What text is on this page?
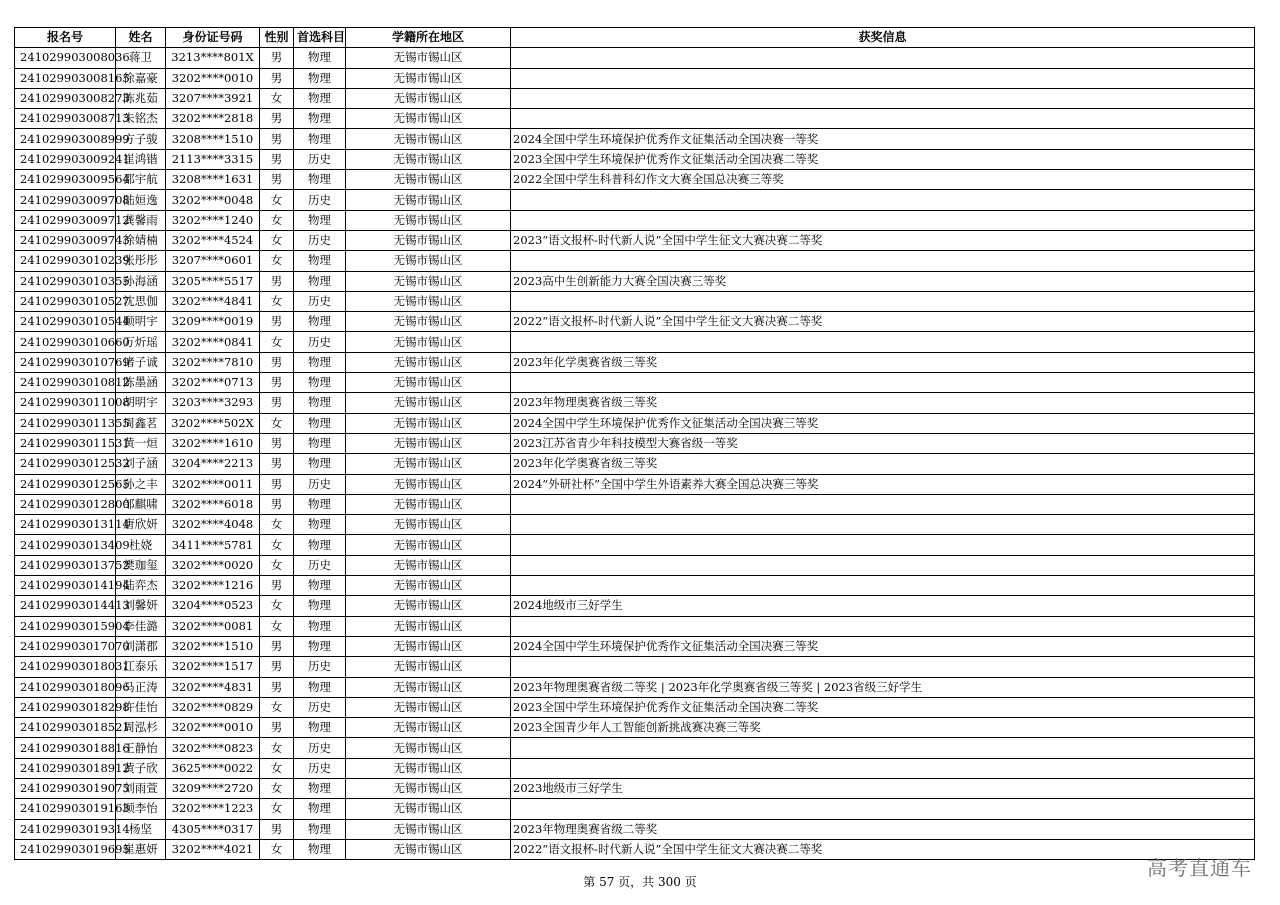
报名号	姓名	身份证号码	性别	首选科目	学籍所在地区	获奖信息
241029903008036	蒋卫	3213****801X	男	物理	无锡市锡山区	
241029903008165	徐嘉豪	3202****0010	男	物理	无锡市锡山区	
241029903008273	陈兆茹	3207****3921	女	物理	无锡市锡山区	
241029903008713	朱铭杰	3202****2818	男	物理	无锡市锡山区	
241029903008999	方子骏	3208****1510	男	物理	无锡市锡山区	2024全国中学生环境保护优秀作文征集活动全国决赛一等奖
241029903009241	崔鸿锴	2113****3315	男	历史	无锡市锡山区	2023全国中学生环境保护优秀作文征集活动全国决赛二等奖
241029903009564	邵宇航	3208****1631	男	物理	无锡市锡山区	2022全国中学生科普科幻作文大赛全国总决赛三等奖
241029903009708	陆姮逸	3202****0048	女	历史	无锡市锡山区	
241029903009712	龚馨雨	3202****1240	女	物理	无锡市锡山区	
241029903009743	徐婧楠	3202****4524	女	历史	无锡市锡山区	2023“语文报杯-时代新人说”全国中学生征文大赛决赛二等奖
241029903010239	张彤彤	3207****0601	女	物理	无锡市锡山区	
241029903010355	孙海涵	3205****5517	男	物理	无锡市锡山区	2023高中生创新能力大赛全国决赛三等奖
241029903010527	沈思伽	3202****4841	女	历史	无锡市锡山区	
241029903010544	顾明宇	3209****0019	男	物理	无锡市锡山区	2022“语文报杯-时代新人说”全国中学生征文大赛决赛二等奖
241029903010660	万炘瑶	3202****0841	女	历史	无锡市锡山区	
241029903010769	诸子诚	3202****7810	男	物理	无锡市锡山区	2023年化学奥赛省级三等奖
241029903010812	陈墨涵	3202****0713	男	物理	无锡市锡山区	
241029903011008	胡明宇	3203****3293	男	物理	无锡市锡山区	2023年物理奥赛省级三等奖
241029903011355	周鑫茗	3202****502X	女	物理	无锡市锡山区	2024全国中学生环境保护优秀作文征集活动全国决赛三等奖
241029903011531	黄一烜	3202****1610	男	物理	无锡市锡山区	2023江苏省青少年科技模型大赛省级一等奖
241029903012532	刘子涵	3204****2213	男	物理	无锡市锡山区	2023年化学奥赛省级三等奖
241029903012565	孙之丰	3202****0011	男	历史	无锡市锡山区	2024“外研社杯”全国中学生外语素养大赛全国总决赛三等奖
241029903012800	邹麒啸	3202****6018	男	物理	无锡市锡山区	
241029903013114	唐欣妍	3202****4048	女	物理	无锡市锡山区	
241029903013409	杜娆	3411****5781	女	物理	无锡市锡山区	
241029903013752	樊珈玺	3202****0020	女	历史	无锡市锡山区	
241029903014194	陆弈杰	3202****1216	男	物理	无锡市锡山区	
241029903014413	刘馨妍	3204****0523	女	物理	无锡市锡山区	2024地级市三好学生
241029903015904	李佳潞	3202****0081	女	物理	无锡市锡山区	
241029903017070	刘潇郡	3202****1510	男	物理	无锡市锡山区	2024全国中学生环境保护优秀作文征集活动全国决赛三等奖
241029903018031	江泰乐	3202****1517	男	历史	无锡市锡山区	
241029903018096	马正涛	3202****4831	男	物理	无锡市锡山区	2023年物理奥赛省级二等奖 | 2023年化学奥赛省级三等奖 | 2023省级三好学生
241029903018298	许佳怡	3202****0829	女	历史	无锡市锡山区	2023全国中学生环境保护优秀作文征集活动全国决赛二等奖
241029903018521	周泓杉	3202****0010	男	物理	无锡市锡山区	2023全国青少年人工智能创新挑战赛决赛三等奖
241029903018816	王静怡	3202****0823	女	历史	无锡市锡山区	
241029903018912	黄子欣	3625****0022	女	历史	无锡市锡山区	
241029903019075	刘雨萱	3209****2720	女	物理	无锡市锡山区	2023地级市三好学生
241029903019163	顾李怡	3202****1223	女	物理	无锡市锡山区	
241029903019314	杨坚	4305****0317	男	物理	无锡市锡山区	2023年物理奥赛省级二等奖
241029903019695	崔惠妍	3202****4021	女	物理	无锡市锡山区	2022“语文报杯-时代新人说”全国中学生征文大赛决赛二等奖
第 57 页，共 300 页
高考直通车
